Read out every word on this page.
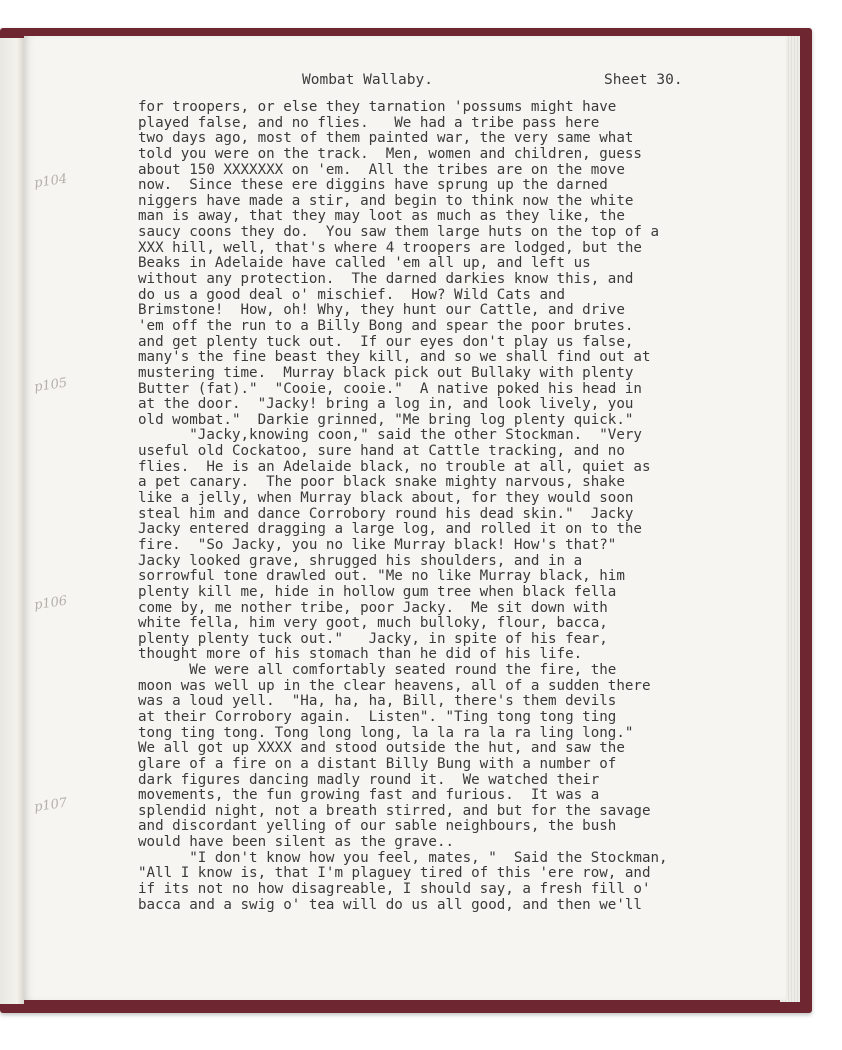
Wombat Wallaby.	Sheet 30.
p104
p105
p106
p107
for troopers, or else they tarnation 'possums might have
played false, and no flies.   We had a tribe pass here
two days ago, most of them painted war, the very same what
told you were on the track.  Men, women and children, guess
about 150 XXXXXXX on 'em.  All the tribes are on the move
now.  Since these ere diggins have sprung up the darned
niggers have made a stir, and begin to think now the white
man is away, that they may loot as much as they like, the
saucy coons they do.  You saw them large huts on the top of a
XXX hill, well, that's where 4 troopers are lodged, but the
Beaks in Adelaide have called 'em all up, and left us
without any protection.  The darned darkies know this, and
do us a good deal o' mischief.  How? Wild Cats and
Brimstone!  How, oh! Why, they hunt our Cattle, and drive
'em off the run to a Billy Bong and spear the poor brutes.
and get plenty tuck out.  If our eyes don't play us false,
many's the fine beast they kill, and so we shall find out at
mustering time.  Murray black pick out Bullaky with plenty
Butter (fat)."  "Cooie, cooie."  A native poked his head in
at the door.  "Jacky! bring a log in, and look lively, you
old wombat."  Darkie grinned, "Me bring log plenty quick."
"Jacky,knowing coon," said the other Stockman.  "Very
useful old Cockatoo, sure hand at Cattle tracking, and no
flies.  He is an Adelaide black, no trouble at all, quiet as
a pet canary.  The poor black snake mighty narvous, shake
like a jelly, when Murray black about, for they would soon
steal him and dance Corrobory round his dead skin."  Jacky
Jacky entered dragging a large log, and rolled it on to the
fire.  "So Jacky, you no like Murray black! How's that?"
Jacky looked grave, shrugged his shoulders, and in a
sorrowful tone drawled out. "Me no like Murray black, him
plenty kill me, hide in hollow gum tree when black fella
come by, me nother tribe, poor Jacky.  Me sit down with
white fella, him very goot, much bulloky, flour, bacca,
plenty plenty tuck out."   Jacky, in spite of his fear,
thought more of his stomach than he did of his life.
We were all comfortably seated round the fire, the
moon was well up in the clear heavens, all of a sudden there
was a loud yell.  "Ha, ha, ha, Bill, there's them devils
at their Corrobory again.  Listen". "Ting tong tong ting
tong ting tong. Tong long long, la la ra la ra ling long."
We all got up XXXX and stood outside the hut, and saw the
glare of a fire on a distant Billy Bung with a number of
dark figures dancing madly round it.  We watched their
movements, the fun growing fast and furious.  It was a
splendid night, not a breath stirred, and but for the savage
and discordant yelling of our sable neighbours, the bush
would have been silent as the grave..
"I don't know how you feel, mates, "  Said the Stockman,
"All I know is, that I'm plaguey tired of this 'ere row, and
if its not no how disagreable, I should say, a fresh fill o'
bacca and a swig o' tea will do us all good, and then we'll
